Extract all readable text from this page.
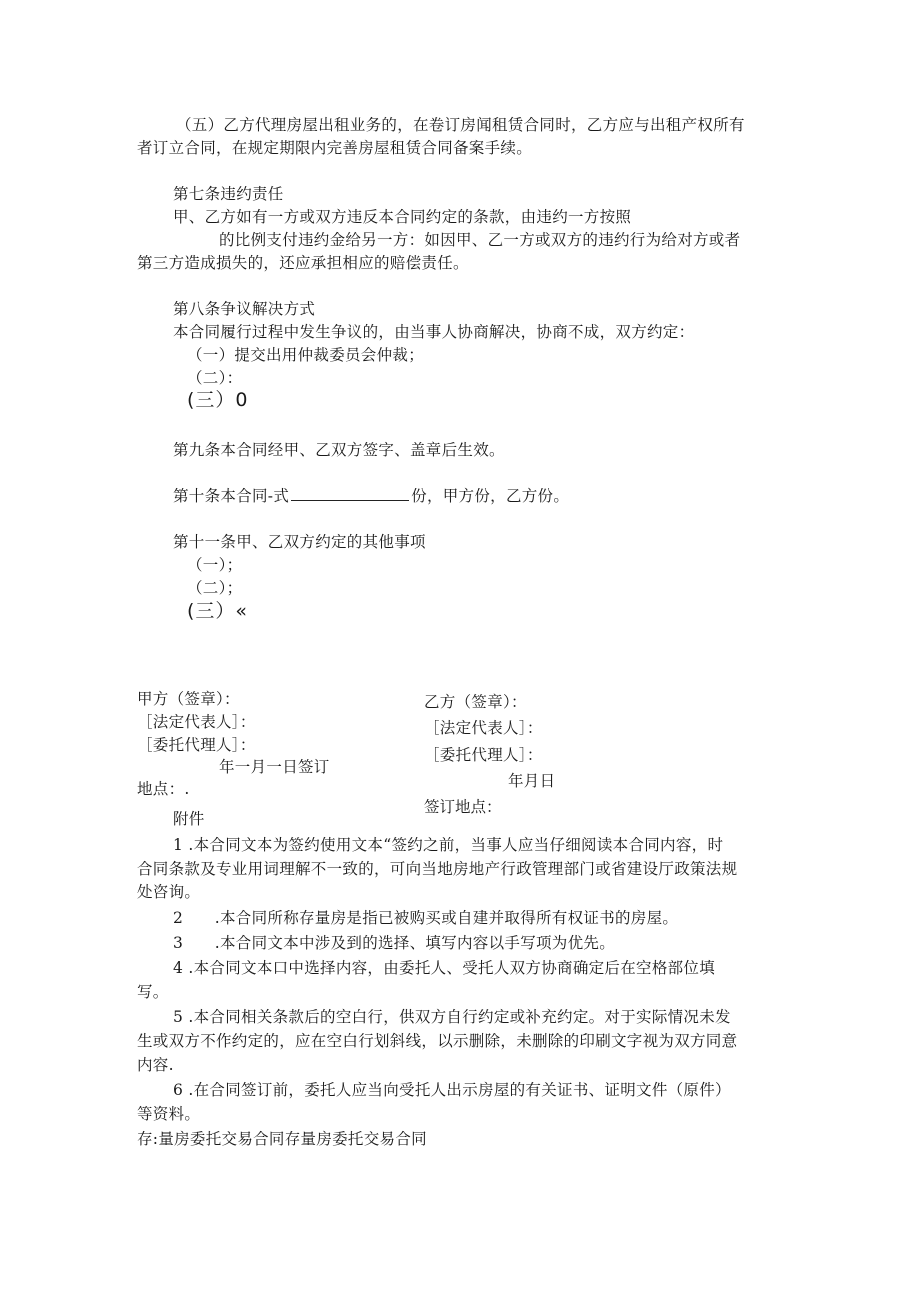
（五）乙方代理房屋出租业务的，在卷订房闻租赁合同时，乙方应与出租产权所有
者订立合同，在规定期限内完善房屋租赁合同备案手续。
第七条违约责任
甲、乙方如有一方或双方违反本合同约定的条款，由违约一方按照
的比例支付违约金给另一方：如因甲、乙一方或双方的违约行为给对方或者
第三方造成损失的，还应承担相应的赔偿责任。
第八条争议解决方式
本合同履行过程中发生争议的，由当事人协商解决，协商不成，双方约定：
（一）提交出用仲裁委员会仲裁；
（二）：
(三）0
第九条本合同经甲、乙双方签字、盖章后生效。
第十条本合同-式	份，甲方份，乙方份。
第十一条甲、乙双方约定的其他事项
（一）；
（二）；
(三）«
甲方（签章）：
［法定代表人］：
［委托代理人］：
年一月一日签订
地点：.
乙方（签章）：
［法定代表人］：
［委托代理人］：
年月日
签订地点：
附件
1 .本合同文本为签约使用文本“签约之前，当事人应当仔细阅读本合同内容，时
合同条款及专业用词理解不一致的，可向当地房地产行政管理部门或省建设厅政策法规
处咨询。
2　　.本合同所称存量房是指已被购买或自建并取得所有权证书的房屋。
3　　.本合同文本中涉及到的选择、填写内容以手写项为优先。
4 .本合同文本口中选择内容，由委托人、受托人双方协商确定后在空格部位填
写。
5 .本合同相关条款后的空白行，供双方自行约定或补充约定。对于实际情况未发
生或双方不作约定的，应在空白行划斜线，以示删除，未删除的印刷文字视为双方同意
内容.
6 .在合同签订前，委托人应当向受托人出示房屋的有关证书、证明文件（原件）
等资料。
存:量房委托交易合同存量房委托交易合同
